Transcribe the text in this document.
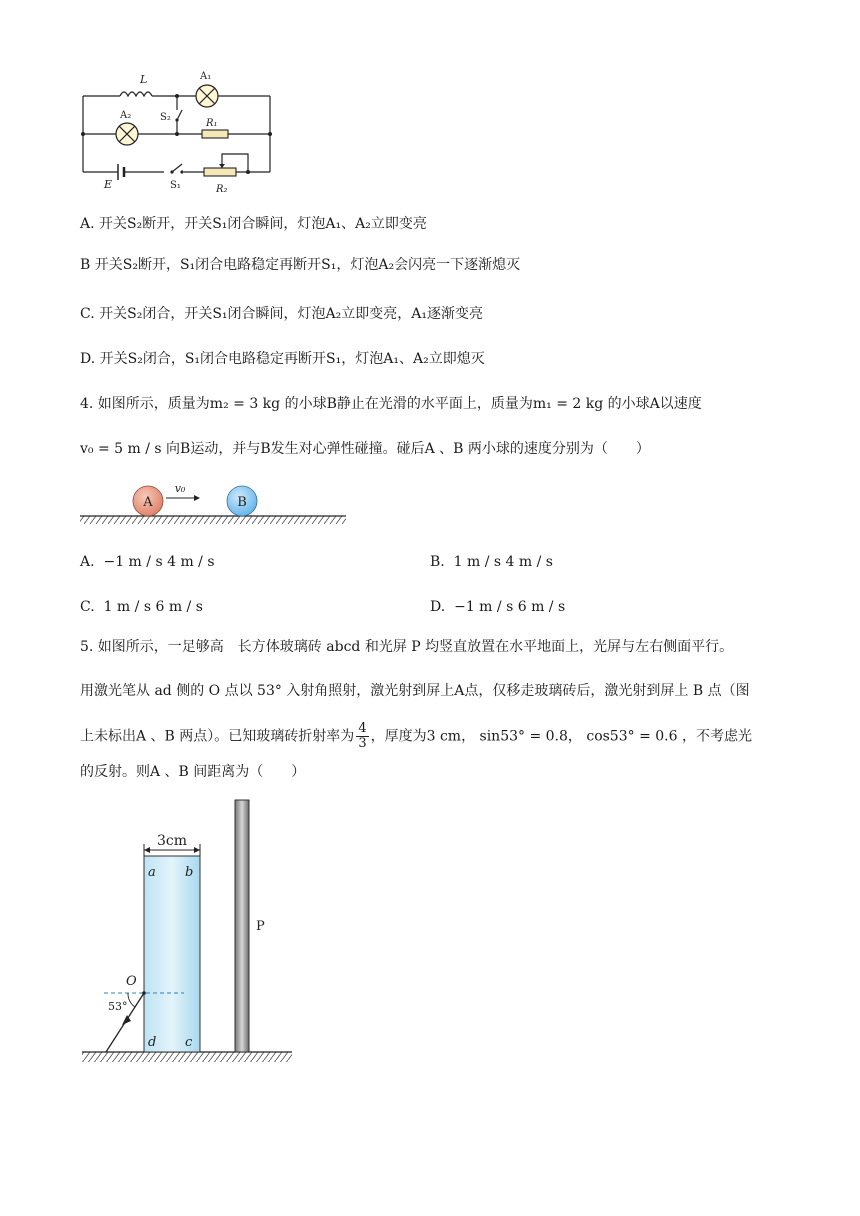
L	A₁
A₂	S₂
R₁
E	S₁	R₂
A. 开关S₂断开，开关S₁闭合瞬间，灯泡A₁、A₂立即变亮
B 开关S₂断开，S₁闭合电路稳定再断开S₁，灯泡A₂会闪亮一下逐渐熄灭
C. 开关S₂闭合，开关S₁闭合瞬间，灯泡A₂立即变亮，A₁逐渐变亮
D. 开关S₂闭合，S₁闭合电路稳定再断开S₁，灯泡A₁、A₂立即熄灭
4. 如图所示，质量为m₂ = 3 kg 的小球B静止在光滑的水平面上，质量为m₁ = 2 kg 的小球A以速度
v₀ = 5 m / s 向B运动，并与B发生对心弹性碰撞。碰后A 、B 两小球的速度分别为（　　）
A	B
v₀
A. −1 m / s 4 m / s	B. 1 m / s 4 m / s
C. 1 m / s 6 m / s	D. −1 m / s 6 m / s
5. 如图所示，一足够高　长方体玻璃砖 abcd 和光屏 P 均竖直放置在水平地面上，光屏与左右侧面平行。
用激光笔从 ad 侧的 O 点以 53° 入射角照射，激光射到屏上A点，仅移走玻璃砖后，激光射到屏上 B 点（图
上未标出A 、B 两点）。已知玻璃砖折射率为 $\frac{4}{3}$ ，厚度为3 cm， sin53° = 0.8， cos53° = 0.6 ，不考虑光
的反射。则A 、B 间距离为（　　）
3cm
a b
d c
O
53°
P
